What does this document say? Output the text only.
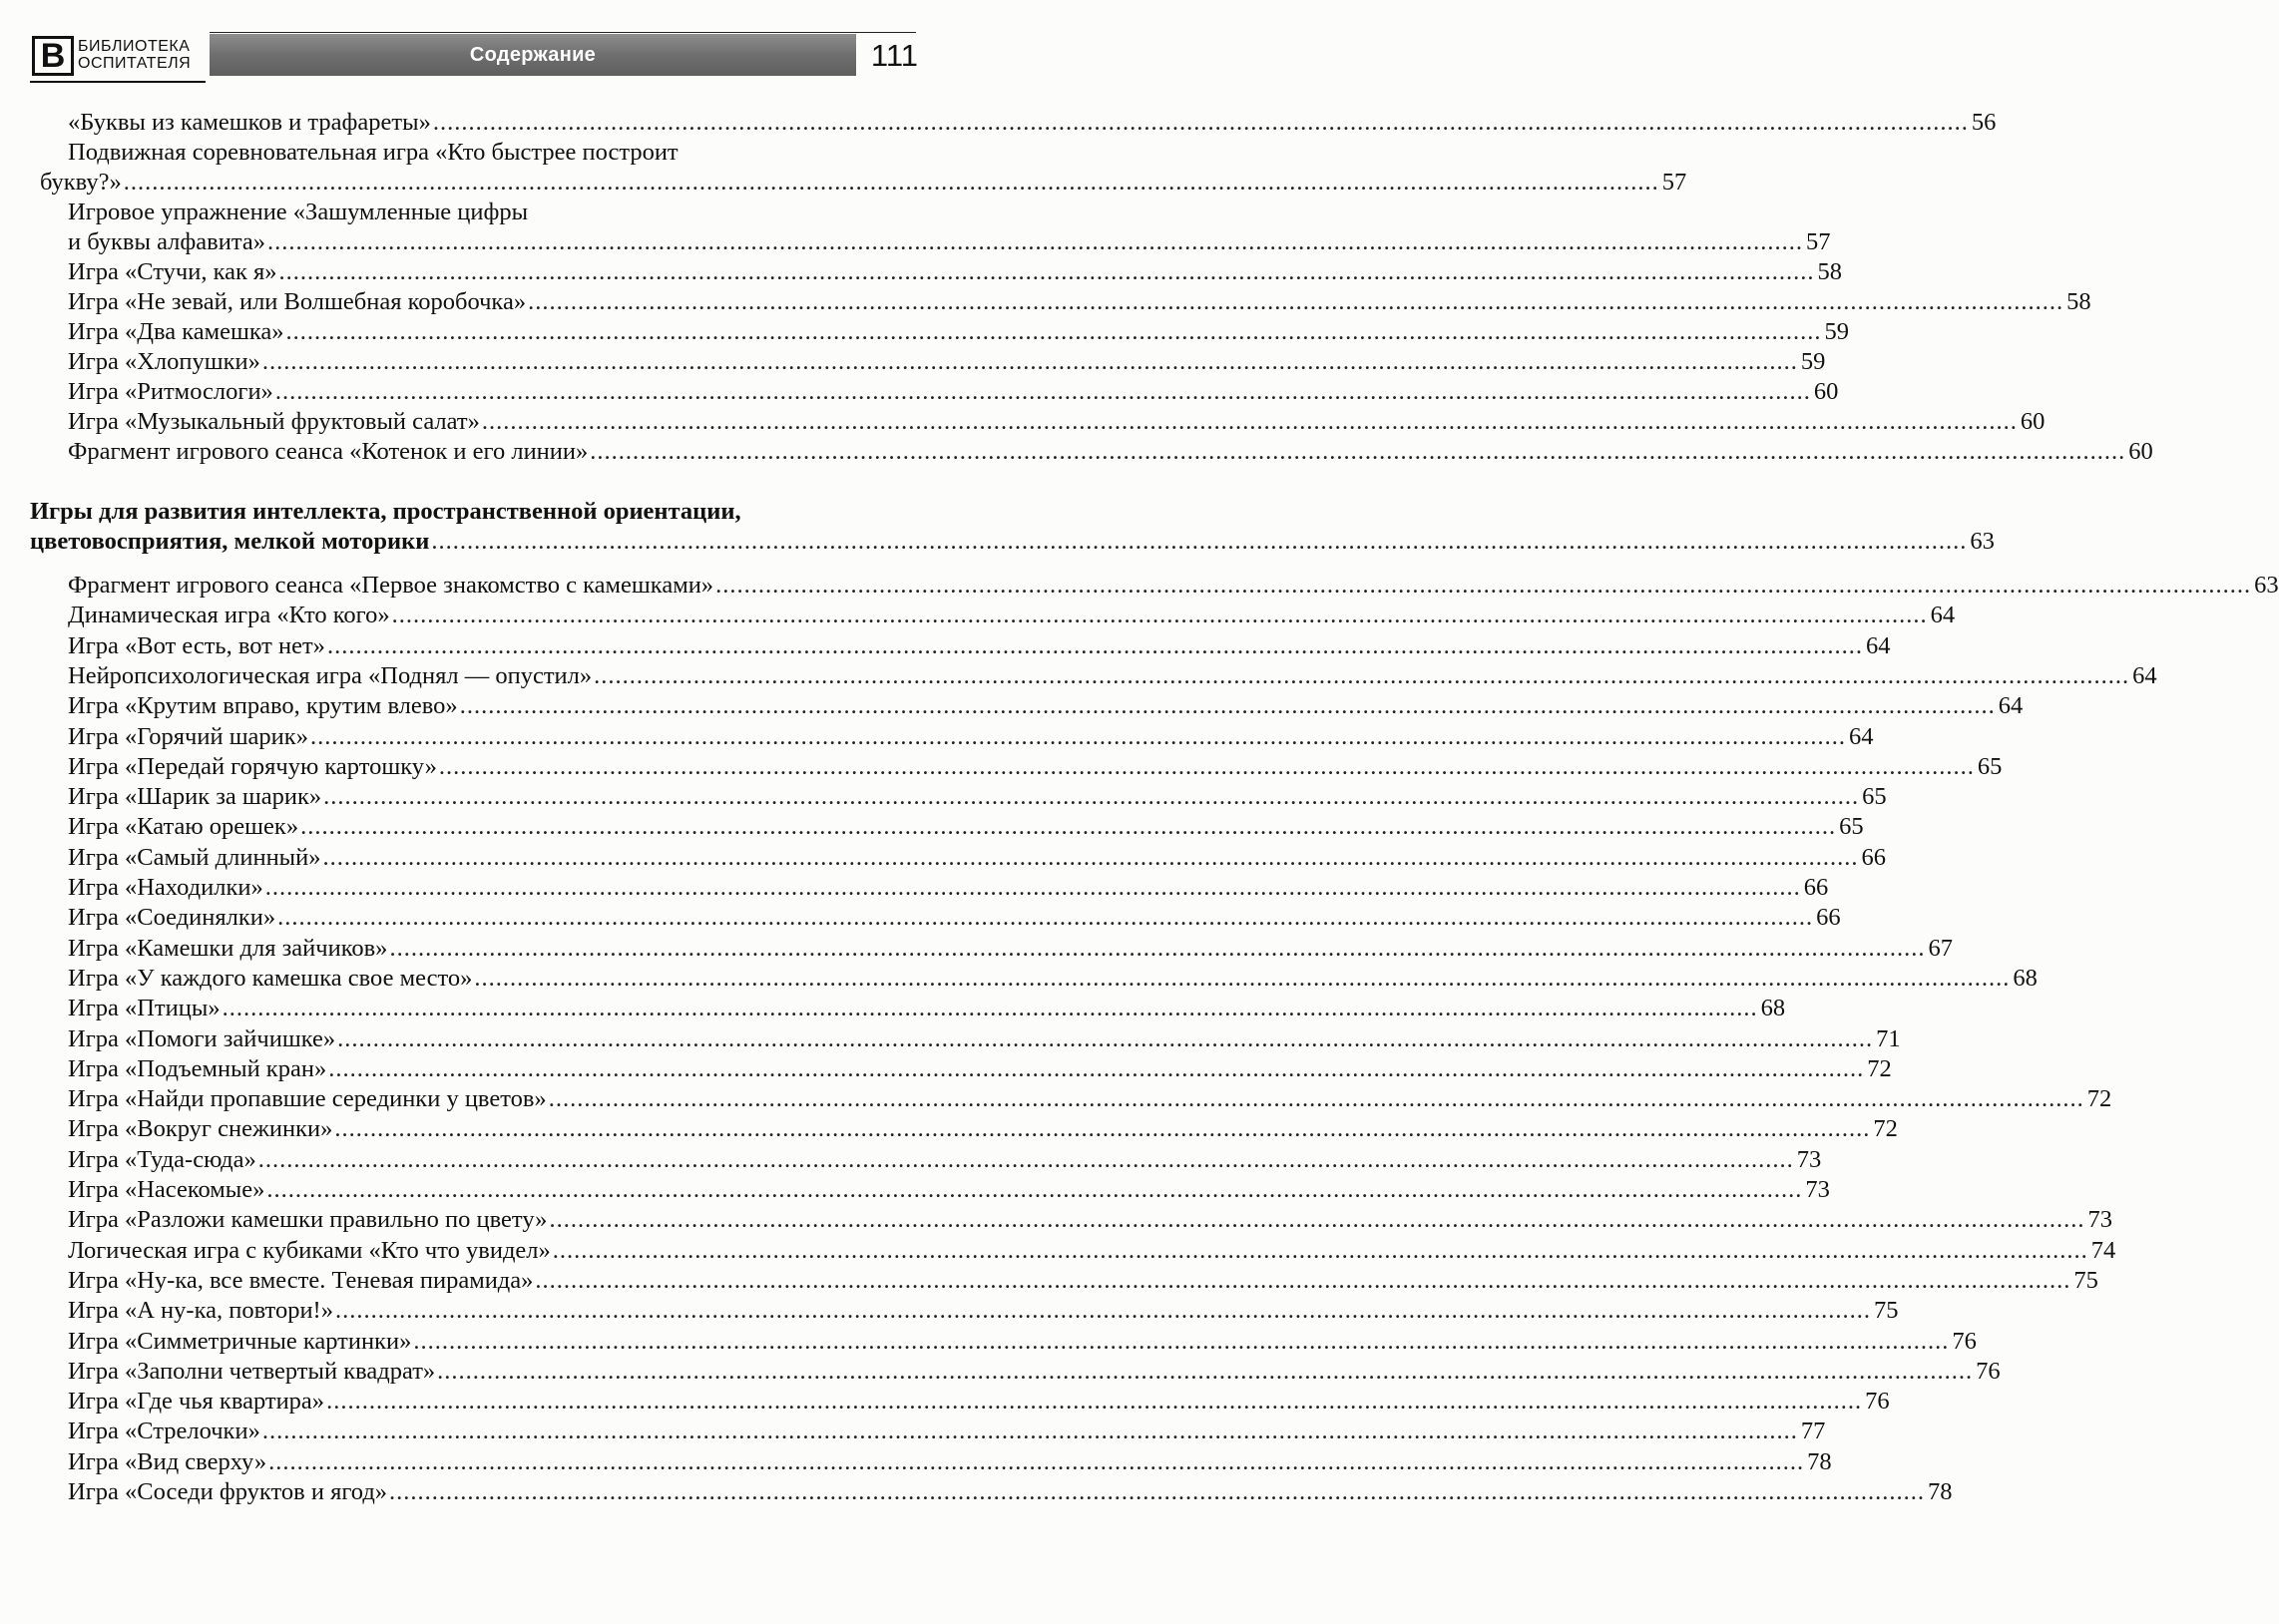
В БИБЛИОТЕКА
ОСПИТАТЕЛЯ	Содержание	111
«Буквы из камешков и трафареты» ........................................................................................................................................................................................................................ 56
Подвижная соревновательная игра «Кто быстрее построит
букву?» ........................................................................................................................................................................................................................ 57
Игровое упражнение «Зашумленные цифры
и буквы алфавита» ........................................................................................................................................................................................................................ 57
Игра «Стучи, как я» ........................................................................................................................................................................................................................ 58
Игра «Не зевай, или Волшебная коробочка» ........................................................................................................................................................................................................................ 58
Игра «Два камешка» ........................................................................................................................................................................................................................ 59
Игра «Хлопушки» ........................................................................................................................................................................................................................ 59
Игра «Ритмослоги» ........................................................................................................................................................................................................................ 60
Игра «Музыкальный фруктовый салат» ........................................................................................................................................................................................................................ 60
Фрагмент игрового сеанса «Котенок и его линии» ........................................................................................................................................................................................................................ 60
Игры для развития интеллекта, пространственной ориентации,
цветовосприятия, мелкой моторики ........................................................................................................................................................................................................................ 63
Фрагмент игрового сеанса «Первое знакомство с камешками» ........................................................................................................................................................................................................................ 63
Динамическая игра «Кто кого» ........................................................................................................................................................................................................................ 64
Игра «Вот есть, вот нет» ........................................................................................................................................................................................................................ 64
Нейропсихологическая игра «Поднял — опустил» ........................................................................................................................................................................................................................ 64
Игра «Крутим вправо, крутим влево» ........................................................................................................................................................................................................................ 64
Игра «Горячий шарик» ........................................................................................................................................................................................................................ 64
Игра «Передай горячую картошку» ........................................................................................................................................................................................................................ 65
Игра «Шарик за шарик» ........................................................................................................................................................................................................................ 65
Игра «Катаю орешек» ........................................................................................................................................................................................................................ 65
Игра «Самый длинный» ........................................................................................................................................................................................................................ 66
Игра «Находилки» ........................................................................................................................................................................................................................ 66
Игра «Соединялки» ........................................................................................................................................................................................................................ 66
Игра «Камешки для зайчиков» ........................................................................................................................................................................................................................ 67
Игра «У каждого камешка свое место» ........................................................................................................................................................................................................................ 68
Игра «Птицы» ........................................................................................................................................................................................................................ 68
Игра «Помоги зайчишке» ........................................................................................................................................................................................................................ 71
Игра «Подъемный кран» ........................................................................................................................................................................................................................ 72
Игра «Найди пропавшие серединки у цветов» ........................................................................................................................................................................................................................ 72
Игра «Вокруг снежинки» ........................................................................................................................................................................................................................ 72
Игра «Туда-сюда» ........................................................................................................................................................................................................................ 73
Игра «Насекомые» ........................................................................................................................................................................................................................ 73
Игра «Разложи камешки правильно по цвету» ........................................................................................................................................................................................................................ 73
Логическая игра с кубиками «Кто что увидел» ........................................................................................................................................................................................................................ 74
Игра «Ну-ка, все вместе. Теневая пирамида» ........................................................................................................................................................................................................................ 75
Игра «А ну-ка, повтори!» ........................................................................................................................................................................................................................ 75
Игра «Симметричные картинки» ........................................................................................................................................................................................................................ 76
Игра «Заполни четвертый квадрат» ........................................................................................................................................................................................................................ 76
Игра «Где чья квартира» ........................................................................................................................................................................................................................ 76
Игра «Стрелочки» ........................................................................................................................................................................................................................ 77
Игра «Вид сверху» ........................................................................................................................................................................................................................ 78
Игра «Соседи фруктов и ягод» ........................................................................................................................................................................................................................ 78
